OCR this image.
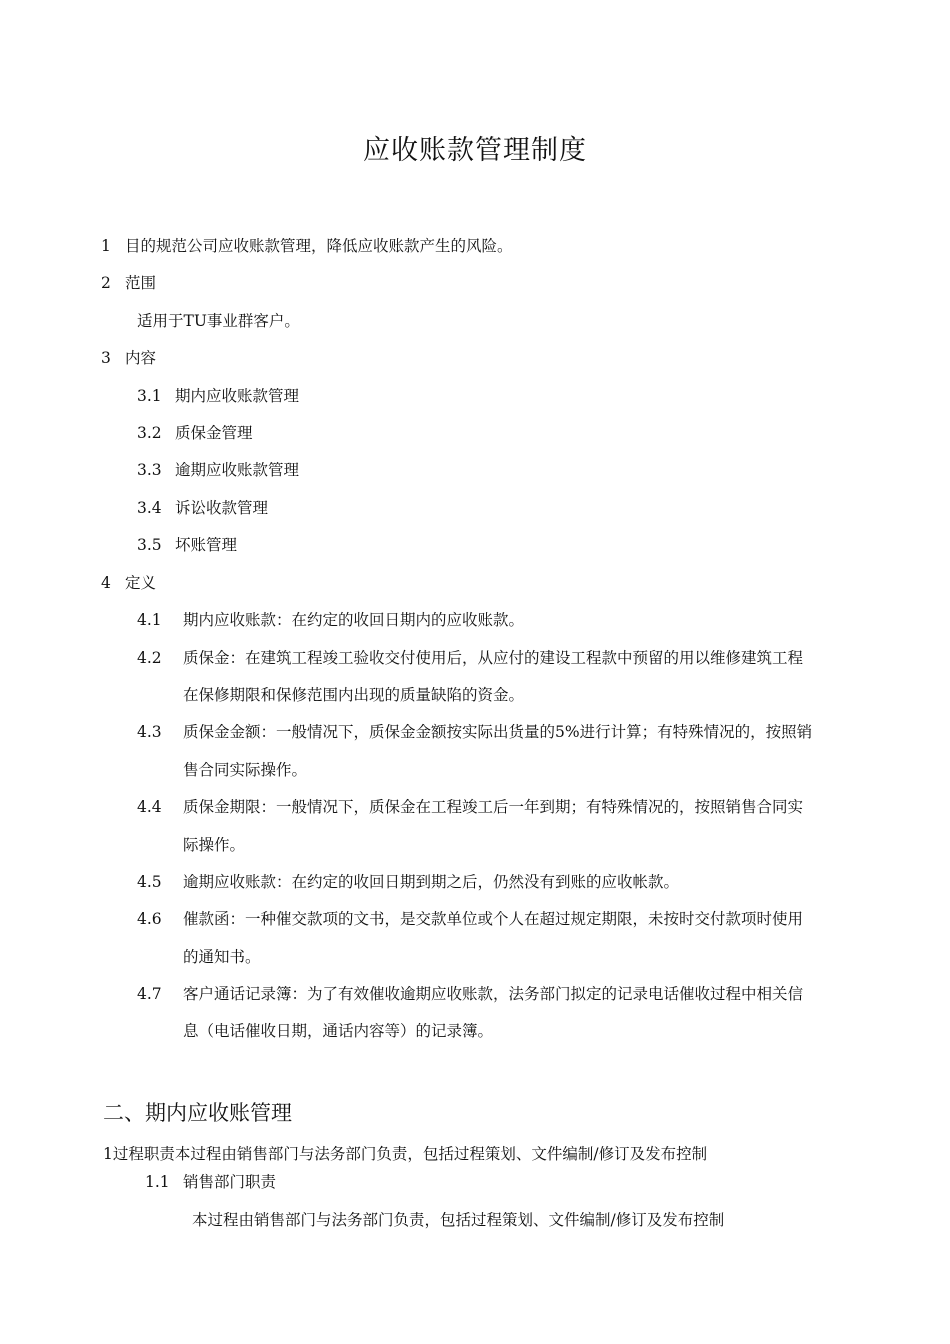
应收账款管理制度
1 目的规范公司应收账款管理，降低应收账款产生的风险。
2 范围
适用于TU事业群客户。
3 内容
3.1 期内应收账款管理
3.2 质保金管理
3.3 逾期应收账款管理
3.4 诉讼收款管理
3.5 坏账管理
4 定义
4.1 期内应收账款：在约定的收回日期内的应收账款。
4.2 质保金：在建筑工程竣工验收交付使用后，从应付的建设工程款中预留的用以维修建筑工程
在保修期限和保修范围内出现的质量缺陷的资金。
4.3 质保金金额：一般情况下，质保金金额按实际出货量的5%进行计算；有特殊情况的，按照销
售合同实际操作。
4.4 质保金期限：一般情况下，质保金在工程竣工后一年到期；有特殊情况的，按照销售合同实
际操作。
4.5 逾期应收账款：在约定的收回日期到期之后，仍然没有到账的应收帐款。
4.6 催款函：一种催交款项的文书，是交款单位或个人在超过规定期限，未按时交付款项时使用
的通知书。
4.7 客户通话记录簿：为了有效催收逾期应收账款，法务部门拟定的记录电话催收过程中相关信
息（电话催收日期，通话内容等）的记录簿。
二、期内应收账管理
1过程职责本过程由销售部门与法务部门负责，包括过程策划、文件编制/修订及发布控制
1.1 销售部门职责
本过程由销售部门与法务部门负责，包括过程策划、文件编制/修订及发布控制
